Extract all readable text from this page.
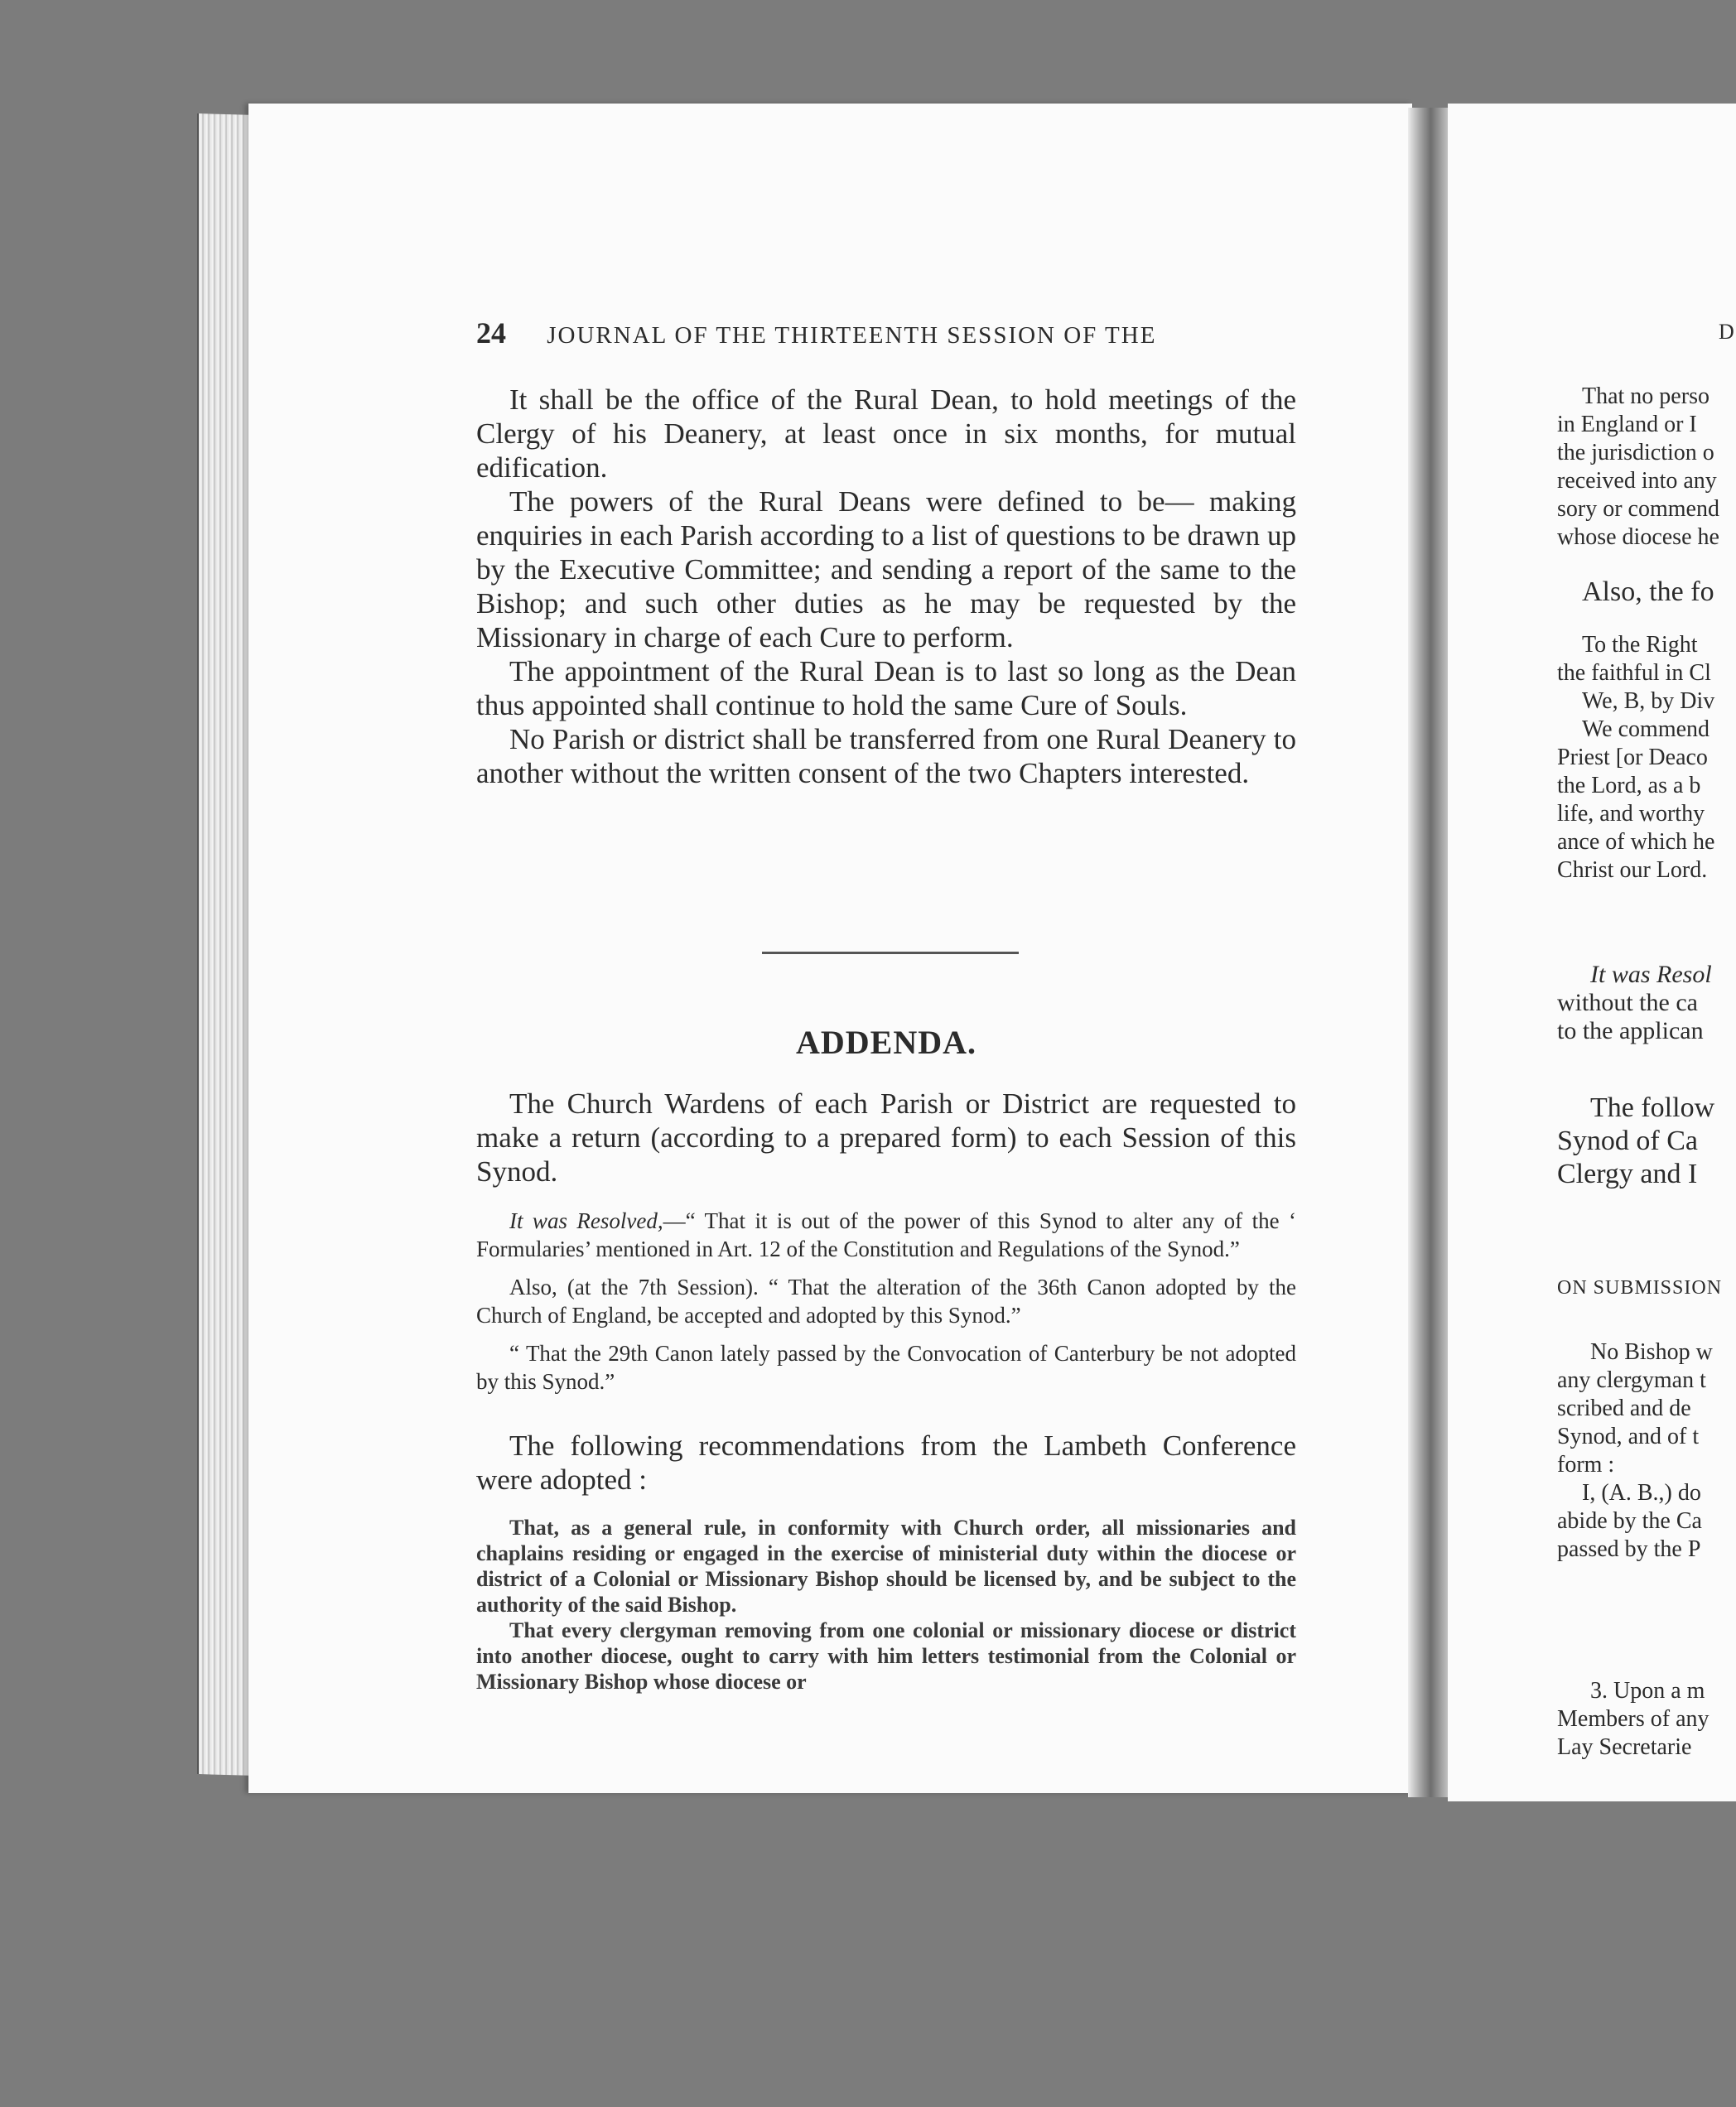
24 JOURNAL OF THE THIRTEENTH SESSION OF THE

It shall be the office of the Rural Dean, to hold meetings of the Clergy of his Deanery, at least once in six months, for mutual edification.

The powers of the Rural Deans were defined to be— making enquiries in each Parish according to a list of questions to be drawn up by the Executive Committee; and sending a report of the same to the Bishop; and such other duties as he may be requested by the Missionary in charge of each Cure to perform.

The appointment of the Rural Dean is to last so long as the Dean thus appointed shall continue to hold the same Cure of Souls.

No Parish or district shall be transferred from one Rural Deanery to another without the written consent of the two Chapters interested.

ADDENDA.

The Church Wardens of each Parish or District are requested to make a return (according to a prepared form) to each Session of this Synod.

It was Resolved,—“ That it is out of the power of this Synod to alter any of the ‘ Formularies’ mentioned in Art. 12 of the Constitution and Regulations of the Synod.”

Also, (at the 7th Session). “ That the alteration of the 36th Canon adopted by the Church of England, be accepted and adopted by this Synod.”

“ That the 29th Canon lately passed by the Convocation of Canterbury be not adopted by this Synod.”

The following recommendations from the Lambeth Conference were adopted :

That, as a general rule, in conformity with Church order, all missionaries and chaplains residing or engaged in the exercise of ministerial duty within the diocese or district of a Colonial or Missionary Bishop should be licensed by, and be subject to the authority of the said Bishop.

That every clergyman removing from one colonial or missionary diocese or district into another diocese, ought to carry with him letters testimonial from the Colonial or Missionary Bishop whose diocese or

D
That no perso
in England or I
the jurisdiction o
received into any
sory or commend
whose diocese he
Also, the fo
To the Right
the faithful in Cl
We, B, by Div
We commend
Priest [or Deaco
the Lord, as a b
life, and worthy
ance of which he
Christ our Lord.
It was Resol
without the ca
to the applican
The follow
Synod of Ca
Clergy and I
ON SUBMISSION
No Bishop w
any clergyman t
scribed and de
Synod, and of t
form :
I, (A. B.,) do
abide by the Ca
passed by the P
3. Upon a m
Members of any
Lay Secretarie
